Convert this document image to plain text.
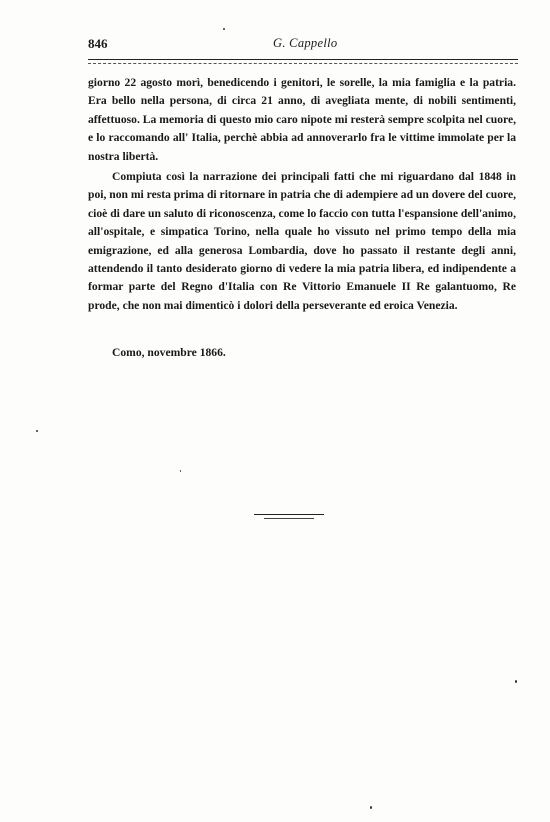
846	G. Cappello

giorno 22 agosto morì, benedicendo i genitori, le sorelle, la mia famiglia e la patria. Era bello nella persona, di circa 21 anno, di avegliata mente, di nobili sentimenti, affettuoso. La memoria di questo mio caro nipote mi resterà sempre scolpita nel cuore, e lo raccomando all' Italia, perchè abbia ad annoverarlo fra le vittime immolate per la nostra libertà.

Compiuta così la narrazione dei principali fatti che mi riguardano dal 1848 in poi, non mi resta prima di ritornare in patria che di adempiere ad un dovere del cuore, cioè di dare un saluto di riconoscenza, come lo faccio con tutta l'espansione dell'animo, all'ospitale, e simpatica Torino, nella quale ho vissuto nel primo tempo della mia emigrazione, ed alla generosa Lombardia, dove ho passato il restante degli anni, attendendo il tanto desiderato giorno di vedere la mia patria libera, ed indipendente a formar parte del Regno d'Italia con Re Vittorio Emanuele II Re galantuomo, Re prode, che non mai dimenticò i dolori della perseverante ed eroica Venezia.

Como, novembre 1866.
